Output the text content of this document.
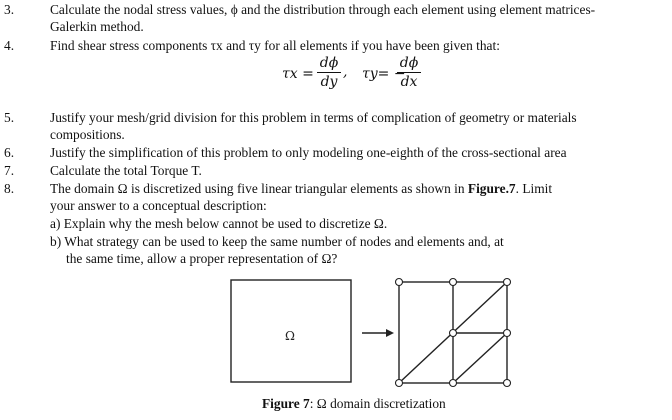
3.	Calculate the nodal stress values, ϕ and the distribution through each element using element matrices-
Galerkin method.
4.	Find shear stress components τx and τy for all elements if you have been given that:
τx =
dϕ
dy
, τy= −
dϕ
dx
5.	Justify your mesh/grid division for this problem in terms of complication of geometry or materials
compositions.
6.	Justify the simplification of this problem to only modeling one-eighth of the cross-sectional area
7.	Calculate the total Torque T.
8.	The domain Ω is discretized using five linear triangular elements as shown in Figure.7. Limit
your answer to a conceptual description:
a) Explain why the mesh below cannot be used to discretize Ω.
b) What strategy can be used to keep the same number of nodes and elements and, at
the same time, allow a proper representation of Ω?
Ω
Figure 7: Ω domain discretization
